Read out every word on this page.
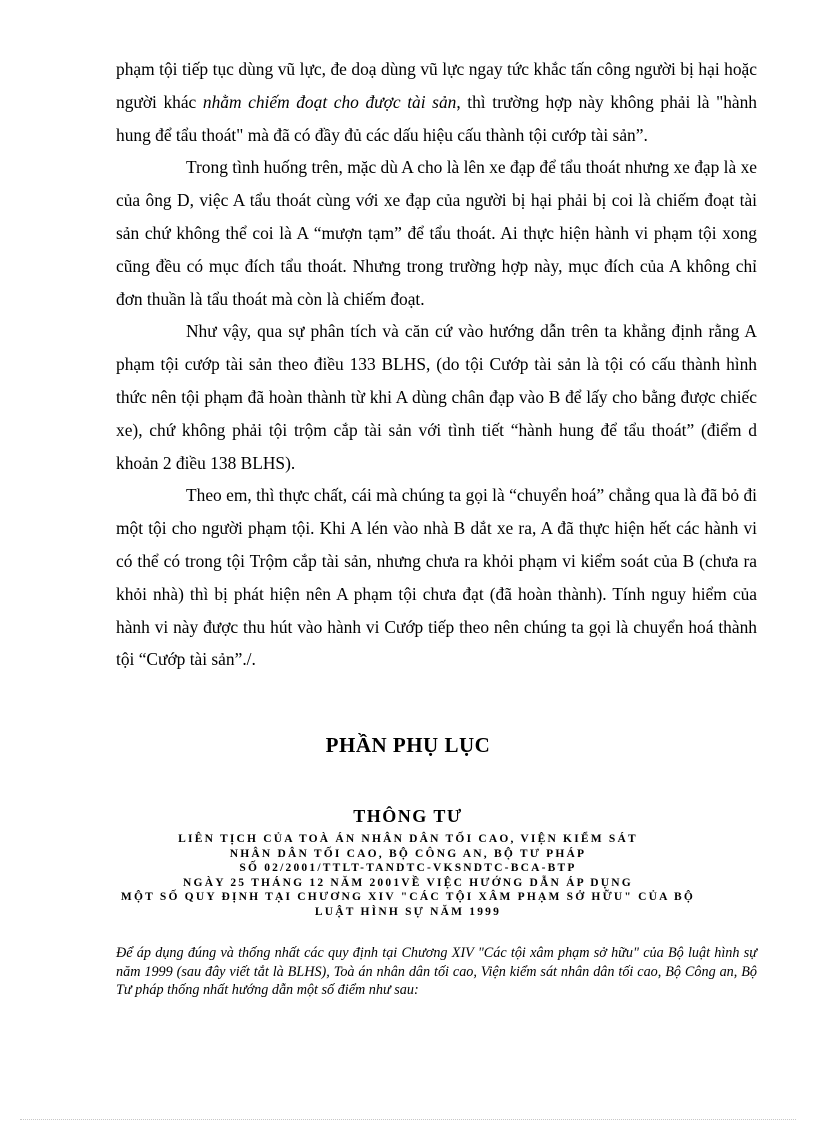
phạm tội tiếp tục dùng vũ lực, đe doạ dùng vũ lực ngay tức khắc tấn công người bị hại hoặc người khác nhằm chiếm đoạt cho được tài sản, thì trường hợp này không phải là "hành hung để tẩu thoát" mà đã có đầy đủ các dấu hiệu cấu thành tội cướp tài sản”.

Trong tình huống trên, mặc dù A cho là lên xe đạp để tẩu thoát nhưng xe đạp là xe của ông D, việc A tẩu thoát cùng với xe đạp của người bị hại phải bị coi là chiếm đoạt tài sản chứ không thể coi là A “mượn tạm” để tẩu thoát. Ai thực hiện hành vi phạm tội xong cũng đều có mục đích tẩu thoát. Nhưng trong trường hợp này, mục đích của A không chỉ đơn thuần là tẩu thoát mà còn là chiếm đoạt.

Như vậy, qua sự phân tích và căn cứ vào hướng dẫn trên ta khẳng định rằng A phạm tội cướp tài sản theo điều 133 BLHS, (do tội Cướp tài sản là tội có cấu thành hình thức nên tội phạm đã hoàn thành từ khi A dùng chân đạp vào B để lấy cho bằng được chiếc xe), chứ không phải tội trộm cắp tài sản với tình tiết “hành hung để tẩu thoát” (điểm d khoản 2 điều 138 BLHS).

Theo em, thì thực chất, cái mà chúng ta gọi là “chuyển hoá” chẳng qua là đã bỏ đi một tội cho người phạm tội. Khi A lén vào nhà B dắt xe ra, A đã thực hiện hết các hành vi có thể có trong tội Trộm cắp tài sản, nhưng chưa ra khỏi phạm vi kiểm soát của B (chưa ra khỏi nhà) thì bị phát hiện nên A phạm tội chưa đạt (đã hoàn thành). Tính nguy hiểm của hành vi này được thu hút vào hành vi Cướp tiếp theo nên chúng ta gọi là chuyển hoá thành tội “Cướp tài sản”./.

PHẦN PHỤ LỤC
THÔNG TƯ
LIÊN TỊCH CỦA TOÀ ÁN NHÂN DÂN TỐI CAO, VIỆN KIỂM SÁT
NHÂN DÂN TỐI CAO, BỘ CÔNG AN, BỘ TƯ PHÁP
SỐ 02/2001/TTLT-TANDTC-VKSNDTC-BCA-BTP
NGÀY 25 THÁNG 12 NĂM 2001VỀ VIỆC HƯỚNG DẪN ÁP DỤNG
MỘT SỐ QUY ĐỊNH TẠI CHƯƠNG XIV "CÁC TỘI XÂM PHẠM SỞ HỮU" CỦA BỘ
LUẬT HÌNH SỰ NĂM 1999
Để áp dụng đúng và thống nhất các quy định tại Chương XIV "Các tội xâm phạm sở hữu" của Bộ luật hình sự năm 1999 (sau đây viết tắt là BLHS), Toà án nhân dân tối cao, Viện kiểm sát nhân dân tối cao, Bộ Công an, Bộ Tư pháp thống nhất hướng dẫn một số điểm như sau:
